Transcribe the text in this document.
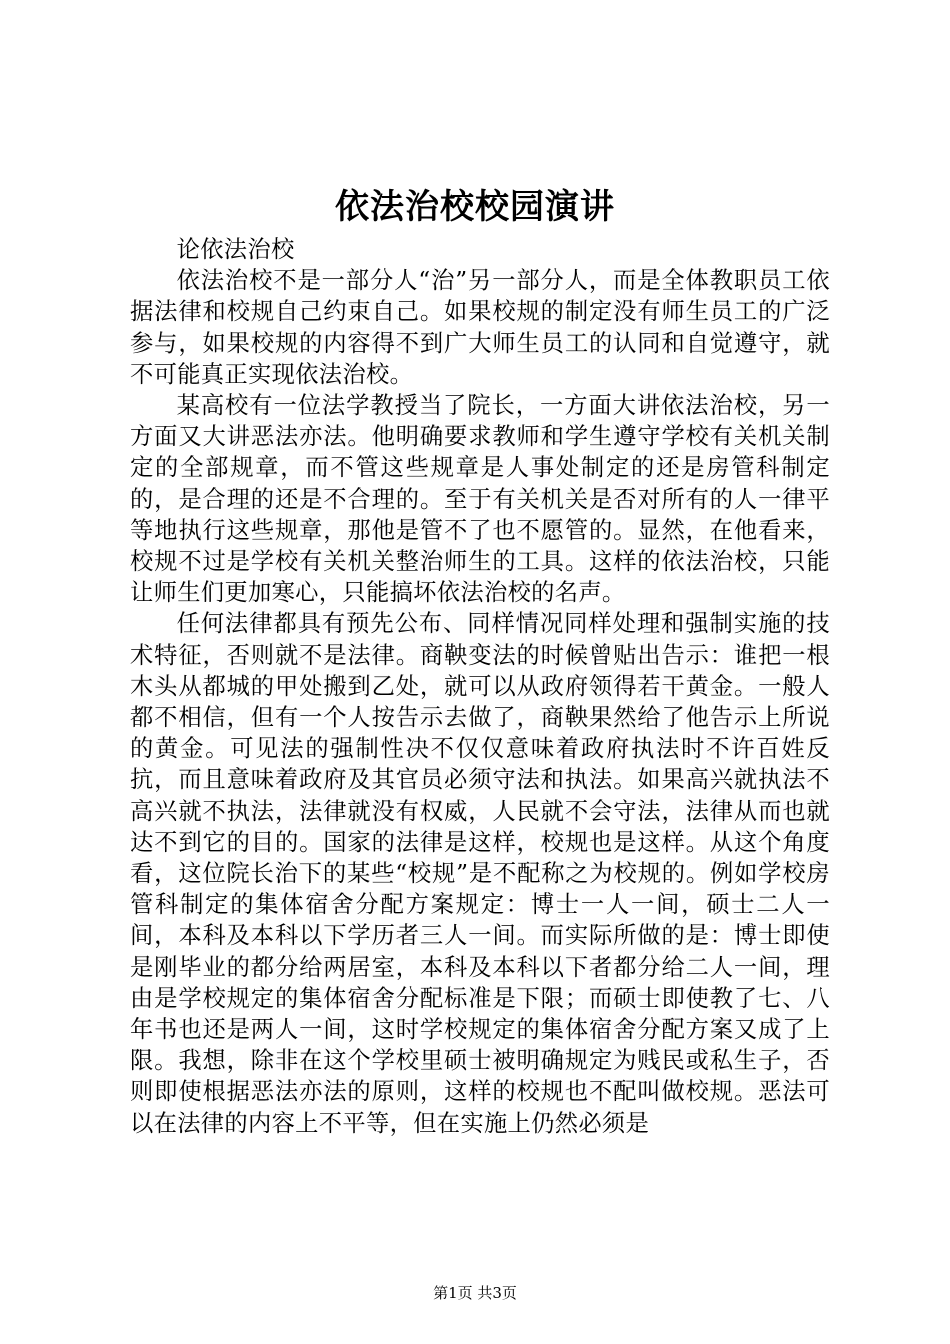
依法治校校园演讲

论依法治校

依法治校不是一部分人“治”另一部分人，而是全体教职员工依据法律和校规自己约束自己。如果校规的制定没有师生员工的广泛参与，如果校规的内容得不到广大师生员工的认同和自觉遵守，就不可能真正实现依法治校。

某高校有一位法学教授当了院长，一方面大讲依法治校，另一方面又大讲恶法亦法。他明确要求教师和学生遵守学校有关机关制定的全部规章，而不管这些规章是人事处制定的还是房管科制定的，是合理的还是不合理的。至于有关机关是否对所有的人一律平等地执行这些规章，那他是管不了也不愿管的。显然，在他看来，校规不过是学校有关机关整治师生的工具。这样的依法治校，只能让师生们更加寒心，只能搞坏依法治校的名声。

任何法律都具有预先公布、同样情况同样处理和强制实施的技术特征，否则就不是法律。商鞅变法的时候曾贴出告示：谁把一根木头从都城的甲处搬到乙处，就可以从政府领得若干黄金。一般人都不相信，但有一个人按告示去做了，商鞅果然给了他告示上所说的黄金。可见法的强制性决不仅仅意味着政府执法时不许百姓反抗，而且意味着政府及其官员必须守法和执法。如果高兴就执法不高兴就不执法，法律就没有权威，人民就不会守法，法律从而也就达不到它的目的。国家的法律是这样，校规也是这样。从这个角度看，这位院长治下的某些“校规”是不配称之为校规的。例如学校房管科制定的集体宿舍分配方案规定：博士一人一间，硕士二人一间，本科及本科以下学历者三人一间。而实际所做的是：博士即使是刚毕业的都分给两居室，本科及本科以下者都分给二人一间，理由是学校规定的集体宿舍分配标准是下限；而硕士即使教了七、八年书也还是两人一间，这时学校规定的集体宿舍分配方案又成了上限。我想，除非在这个学校里硕士被明确规定为贱民或私生子，否则即使根据恶法亦法的原则，这样的校规也不配叫做校规。恶法可以在法律的内容上不平等，但在实施上仍然必须是

第1页 共3页
